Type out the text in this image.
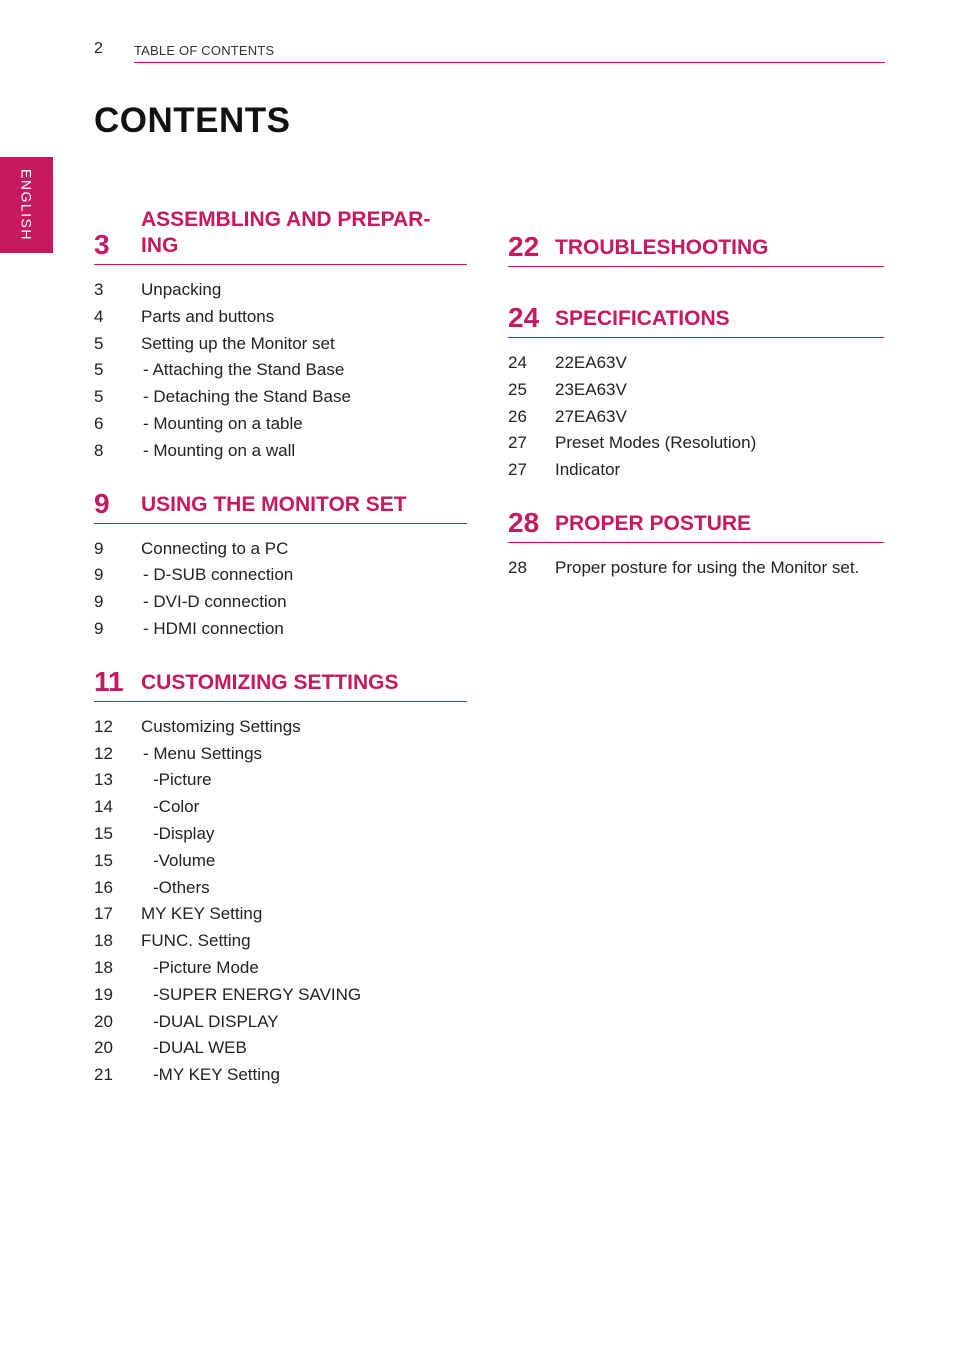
2 TABLE OF CONTENTS
CONTENTS
ENGLISH
3
ASSEMBLING AND PREPAR-
ING
3	Unpacking
4	Parts and buttons
5	Setting up the Monitor set
5	- Attaching the Stand Base
5	- Detaching the Stand Base
6	- Mounting on a table
8	- Mounting on a wall
9	USING THE MONITOR SET
9	Connecting to a PC
9	- D-SUB connection
9	- DVI-D connection
9	- HDMI connection
11 CUSTOMIZING SETTINGS
12	Customizing Settings
12	- Menu Settings
13	-Picture
14	-Color
15	-Display
15	-Volume
16	-Others
17	MY KEY Setting
18	FUNC. Setting
18	-Picture Mode
19	-SUPER ENERGY SAVING
20	-DUAL DISPLAY
20	-DUAL WEB
21	-MY KEY Setting
22 TROUBLESHOOTING
24 SPECIFICATIONS
24	22EA63V
25	23EA63V
26	27EA63V
27	Preset Modes (Resolution)
27	Indicator
28 PROPER POSTURE
28	Proper posture for using the Monitor set.
